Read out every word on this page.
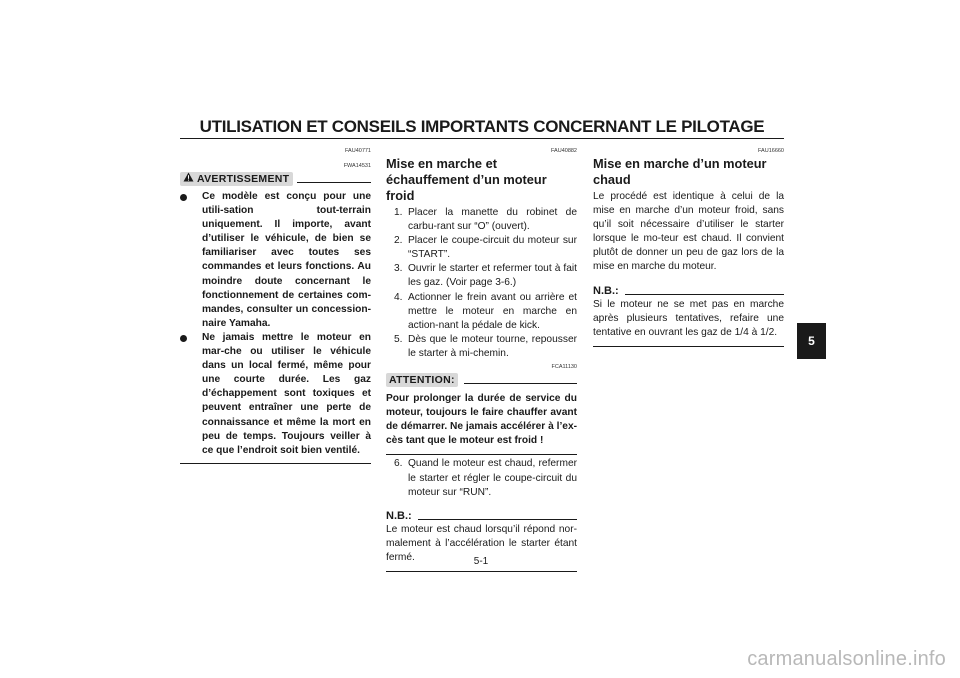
UTILISATION ET CONSEILS IMPORTANTS CONCERNANT LE PILOTAGE
FAU40771
FWA14531
AVERTISSEMENT
Ce modèle est conçu pour une utili-sation tout-terrain uniquement. Il importe, avant d’utiliser le véhicule, de bien se familiariser avec toutes ses commandes et leurs fonctions. Au moindre doute concernant le fonctionnement de certaines com-mandes, consulter un concession-naire Yamaha.
Ne jamais mettre le moteur en mar-che ou utiliser le véhicule dans un local fermé, même pour une courte durée. Les gaz d’échappement sont toxiques et peuvent entraîner une perte de connaissance et même la mort en peu de temps. Toujours veiller à ce que l’endroit soit bien ventilé.
FAU40882
Mise en marche et échauffement d’un moteur froid
1. Placer la manette du robinet de carbu-rant sur “O” (ouvert).
2. Placer le coupe-circuit du moteur sur “START”.
3. Ouvrir le starter et refermer tout à fait les gaz. (Voir page 3-6.)
4. Actionner le frein avant ou arrière et mettre le moteur en marche en action-nant la pédale de kick.
5. Dès que le moteur tourne, repousser le starter à mi-chemin.
FCA11130
ATTENTION:
Pour prolonger la durée de service du moteur, toujours le faire chauffer avant de démarrer. Ne jamais accélérer à l’ex-cès tant que le moteur est froid !
6. Quand le moteur est chaud, refermer le starter et régler le coupe-circuit du moteur sur “RUN”.
N.B.:
Le moteur est chaud lorsqu’il répond nor-malement à l’accélération le starter étant fermé.
FAU16660
Mise en marche d’un moteur chaud
Le procédé est identique à celui de la mise en marche d’un moteur froid, sans qu’il soit nécessaire d’utiliser le starter lorsque le mo-teur est chaud. Il convient plutôt de donner un peu de gaz lors de la mise en marche du moteur.
N.B.:
Si le moteur ne se met pas en marche après plusieurs tentatives, refaire une tentative en ouvrant les gaz de 1/4 à 1/2.
5
5-1
carmanualsonline.info
